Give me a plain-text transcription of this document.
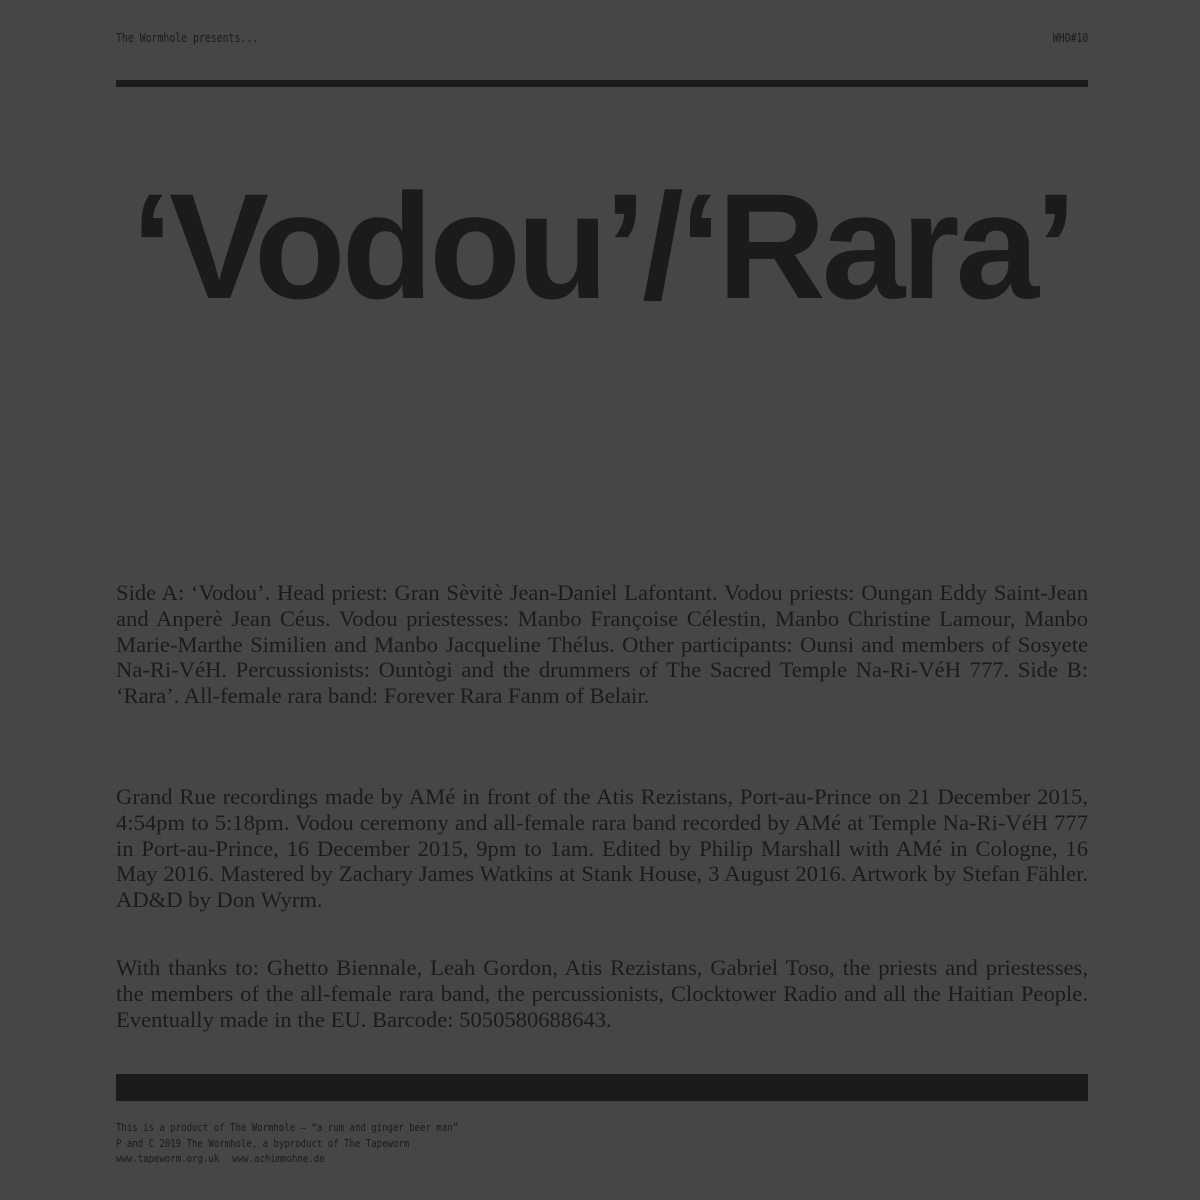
The Wormhole presents...	WHO#10
‘Vodou’/‘Rara’

Side A: ‘Vodou’. Head priest: Gran Sèvitè Jean-Daniel Lafontant. Vodou priests: Oungan Eddy Saint-Jean and Anperè Jean Céus. Vodou priestesses: Manbo Françoise Célestin, Manbo Christine Lamour, Manbo Marie-Marthe Similien and Manbo Jacqueline Thélus. Other participants: Ounsi and members of Sosyete Na-Ri-VéH. Percussionists: Ountògi and the drummers of The Sacred Temple Na-Ri-VéH 777. Side B: ‘Rara’. All-female rara band: Forever Rara Fanm of Belair.

Grand Rue recordings made by AMé in front of the Atis Rezistans, Port-au-Prince on 21 December 2015, 4:54pm to 5:18pm. Vodou ceremony and all-female rara band recorded by AMé at Temple Na-Ri-VéH 777 in Port-au-Prince, 16 December 2015, 9pm to 1am. Edited by Philip Marshall with AMé in Cologne, 16 May 2016. Mastered by Zachary James Watkins at Stank House, 3 August 2016. Artwork by Stefan Fähler. AD&D by Don Wyrm.

With thanks to: Ghetto Biennale, Leah Gordon, Atis Rezistans, Gabriel Toso, the priests and priestesses, the members of the all-female rara band, the percussionists, Clocktower Radio and all the Haitian People. Eventually made in the EU. Barcode: 5050580688643.

This is a product of The Wormhole — “a rum and ginger beer man”
P and C 2019 The Wormhole, a byproduct of The Tapeworm
www.tapeworm.org.uk www.achimmohne.de
